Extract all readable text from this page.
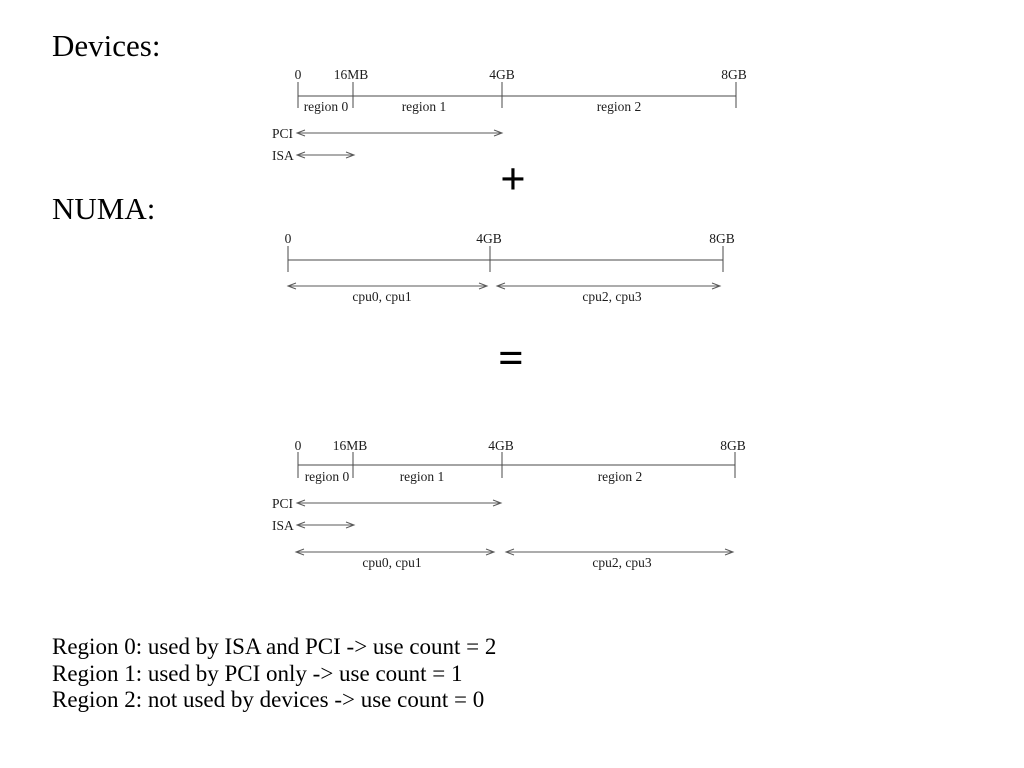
Devices:
NUMA:
+
=
0 16MB	4GB	8GB
region 0	region 1	region 2
PCI
ISA
0	4GB	8GB
cpu0, cpu1	cpu2, cpu3
0 16MB	4GB	8GB
region 0	region 1	region 2
PCI
ISA
cpu0, cpu1	cpu2, cpu3
Region 0: used by ISA and PCI -> use count = 2
Region 1: used by PCI only -> use count = 1
Region 2: not used by devices -> use count = 0
